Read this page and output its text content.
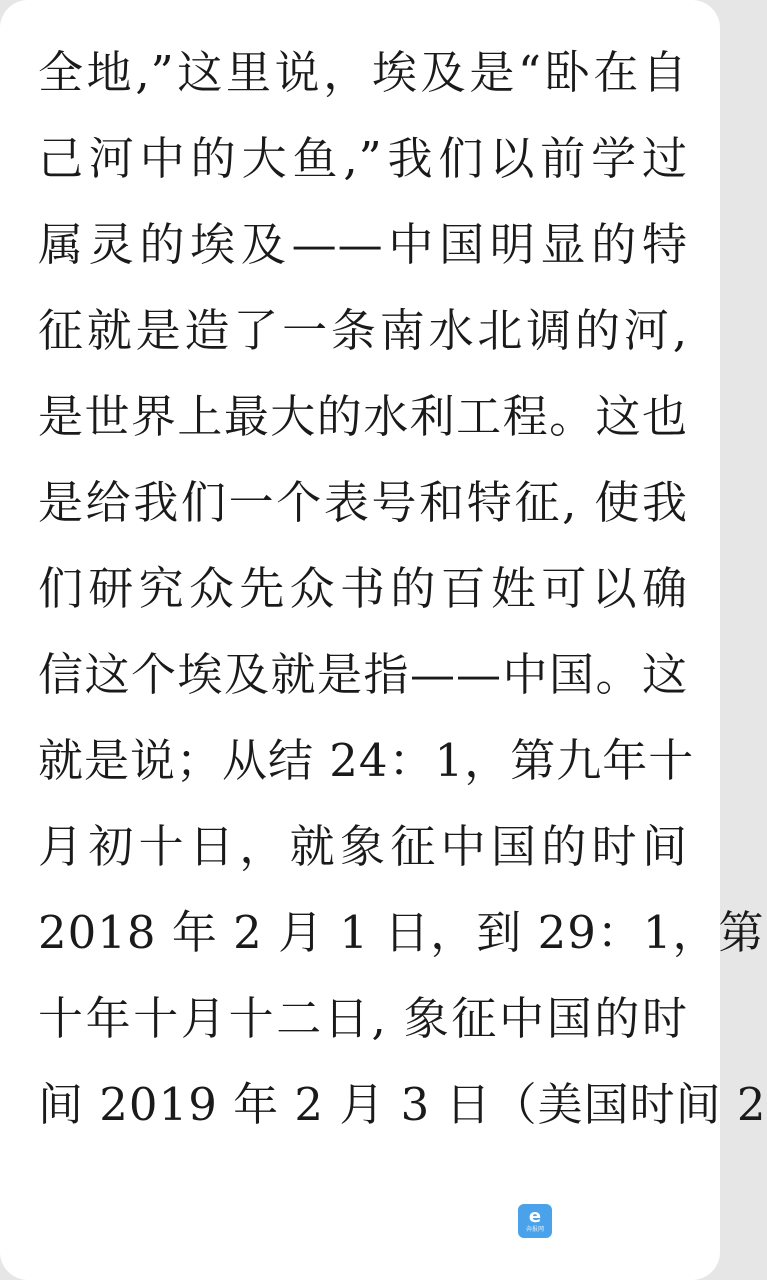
全地,”这里说，埃及是“卧在自
己河中的大鱼,”我们以前学过
属灵的埃及——中国明显的特
征就是造了一条南水北调的河,
是世界上最大的水利工程。这也
是给我们一个表号和特征, 使我
们研究众先众书的百姓可以确
信这个埃及就是指——中国。这
就是说；从结 24：1，第九年十
月初十日，就象征中国的时间
2018 年 2 月 1 日，到 29：1，第
十年十月十二日, 象征中国的时
间 2019 年 2 月 3 日（美国时间 2
e
奔报网
